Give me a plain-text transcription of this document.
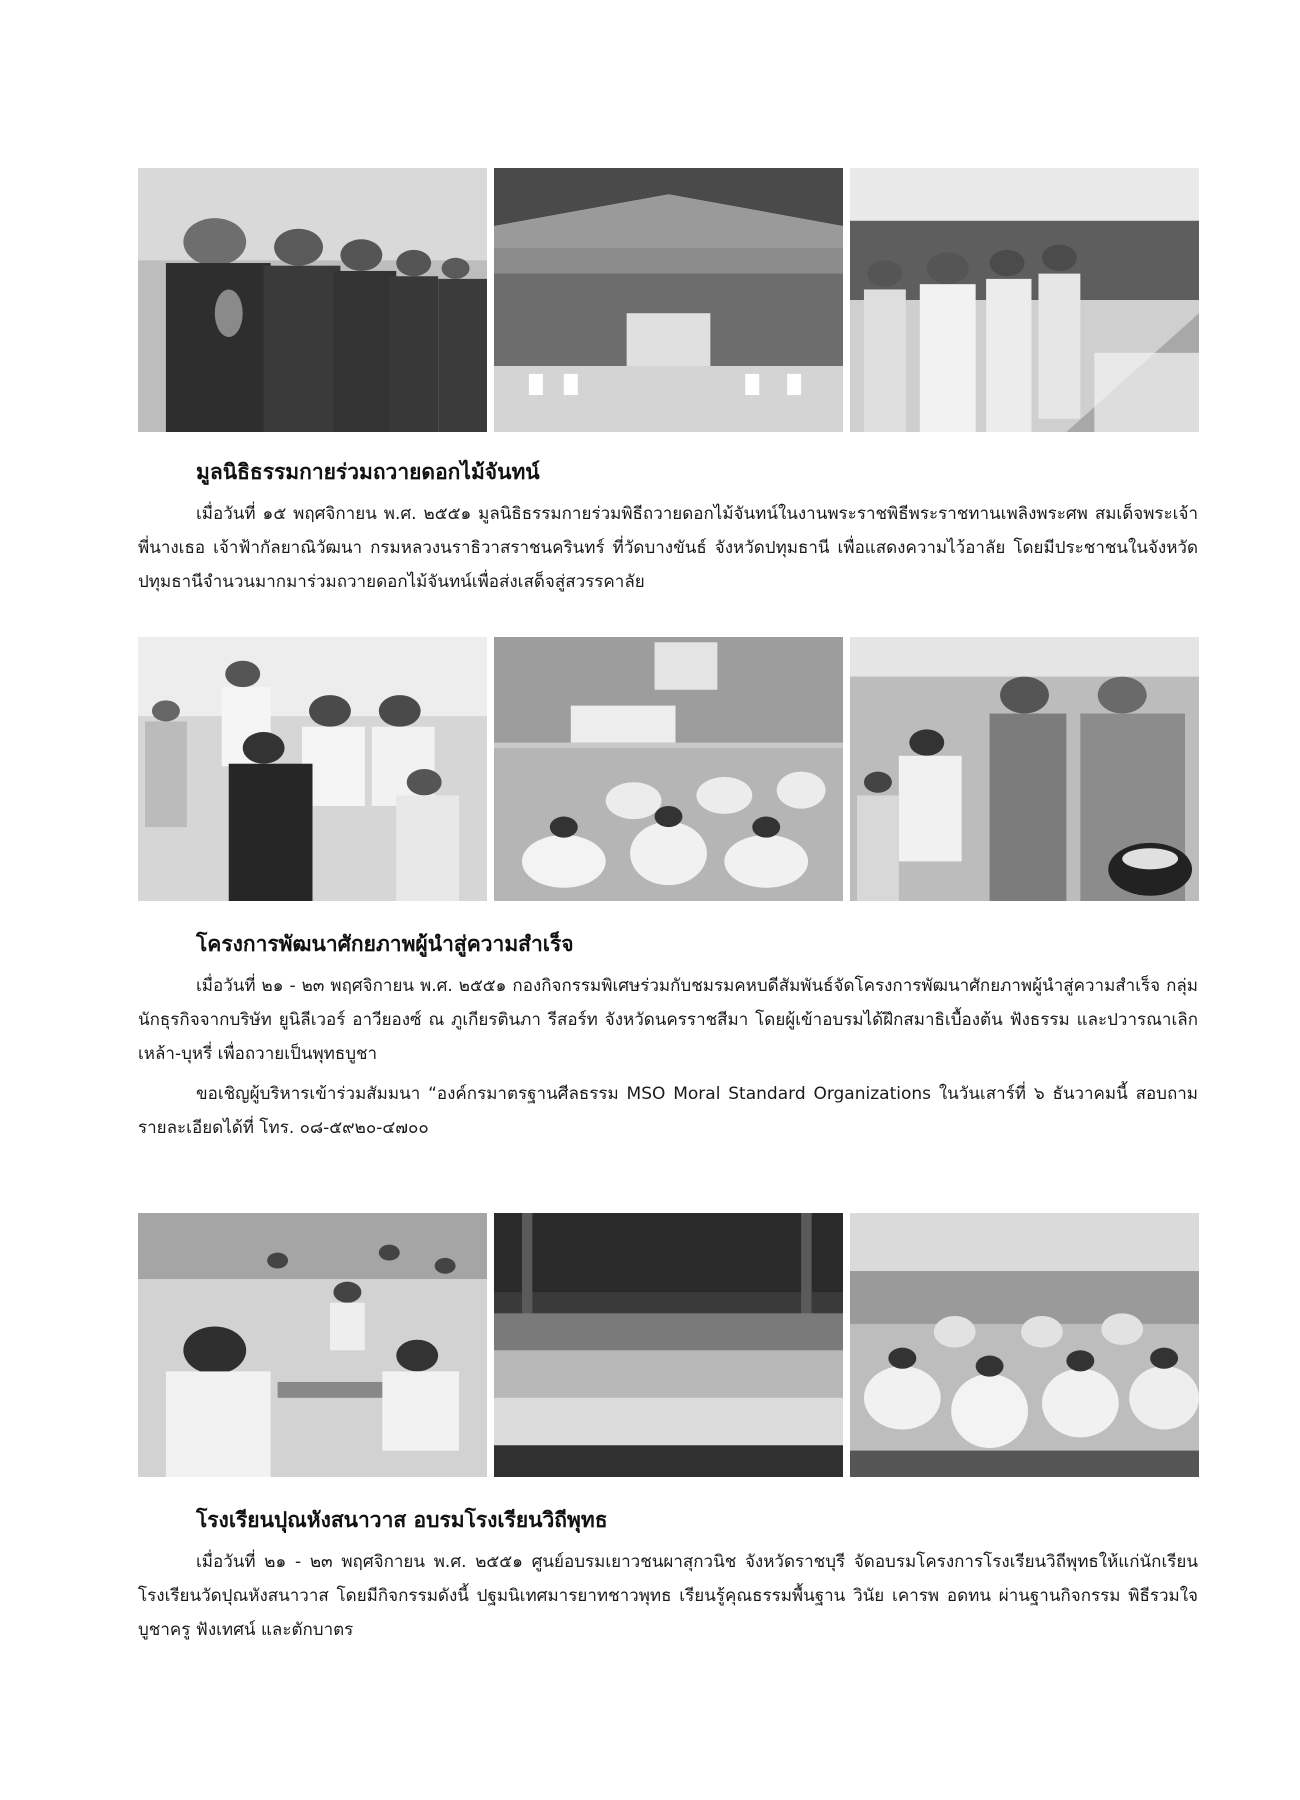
มูลนิธิธรรมกายร่วมถวายดอกไม้จันทน์

เมื่อวันที่ ๑๕ พฤศจิกายน พ.ศ. ๒๕๕๑ มูลนิธิธรรมกายร่วมพิธีถวายดอกไม้จันทน์ในงานพระราชพิธีพระราชทานเพลิงพระศพ สมเด็จพระเจ้าพี่นางเธอ เจ้าฟ้ากัลยาณิวัฒนา กรมหลวงนราธิวาสราชนครินทร์ ที่วัดบางขันธ์ จังหวัดปทุมธานี เพื่อแสดงความไว้อาลัย โดยมีประชาชนในจังหวัดปทุมธานีจำนวนมากมาร่วมถวายดอกไม้จันทน์เพื่อส่งเสด็จสู่สวรรคาลัย

โครงการพัฒนาศักยภาพผู้นำสู่ความสำเร็จ

เมื่อวันที่ ๒๑ - ๒๓ พฤศจิกายน พ.ศ. ๒๕๕๑ กองกิจกรรมพิเศษร่วมกับชมรมคหบดีสัมพันธ์จัดโครงการพัฒนาศักยภาพผู้นำสู่ความสำเร็จ กลุ่มนักธุรกิจจากบริษัท ยูนิลีเวอร์ อาวียองซ์ ณ ภูเกียรตินภา รีสอร์ท จังหวัดนครราชสีมา โดยผู้เข้าอบรมได้ฝึกสมาธิเบื้องต้น ฟังธรรม และปวารณาเลิกเหล้า-บุหรี่ เพื่อถวายเป็นพุทธบูชา

ขอเชิญผู้บริหารเข้าร่วมสัมมนา “องค์กรมาตรฐานศีลธรรม MSO Moral Standard Organizations ในวันเสาร์ที่ ๖ ธันวาคมนี้ สอบถามรายละเอียดได้ที่ โทร. ๐๘-๕๙๒๐-๔๗๐๐

โรงเรียนปุณหังสนาวาส อบรมโรงเรียนวิถีพุทธ

เมื่อวันที่ ๒๑ - ๒๓ พฤศจิกายน พ.ศ. ๒๕๕๑ ศูนย์อบรมเยาวชนผาสุกวนิช จังหวัดราชบุรี จัดอบรมโครงการโรงเรียนวิถีพุทธให้แก่นักเรียนโรงเรียนวัดปุณหังสนาวาส โดยมีกิจกรรมดังนี้ ปฐมนิเทศมารยาทชาวพุทธ เรียนรู้คุณธรรมพื้นฐาน วินัย เคารพ อดทน ผ่านฐานกิจกรรม พิธีรวมใจบูชาครู ฟังเทศน์ และตักบาตร
